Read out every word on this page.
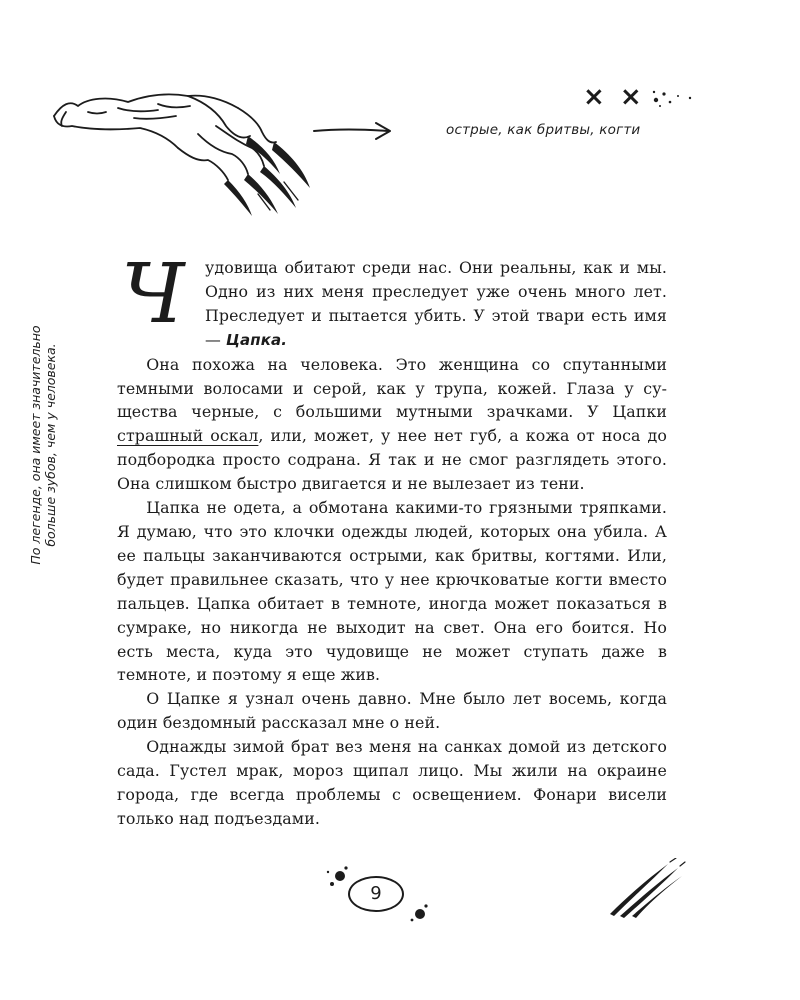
× ×
острые, как бритвы, когти
По легенде, она имеет значительно больше зубов, чем у человека.

Ч удовища обитают среди нас. Они реальны, как и мы. Одно из них меня преследует уже очень много лет. Преследует и пытается убить. У этой твари есть имя — Цапка.

Она похожа на человека. Это женщина со спутанными темными волосами и серой, как у трупа, кожей. Глаза у существа черные, с большими мутными зрачками. У Цапки страшный оскал, или, может, у нее нет губ, а кожа от носа до подбородка просто содрана. Я так и не смог разглядеть этого. Она слишком быстро двигается и не вылезает из тени.

Цапка не одета, а обмотана какими-то грязными тряпками. Я думаю, что это клочки одежды людей, которых она убила. А ее пальцы заканчиваются острыми, как бритвы, когтями. Или, будет правильнее сказать, что у нее крючковатые когти вместо пальцев. Цапка обитает в темноте, иногда может показаться в сумраке, но никогда не выходит на свет. Она его боится. Но есть места, куда это чудовище не может ступать даже в темноте, и поэтому я еще жив.

О Цапке я узнал очень давно. Мне было лет восемь, когда один бездомный рассказал мне о ней.

Однажды зимой брат вез меня на санках домой из детского сада. Густел мрак, мороз щипал лицо. Мы жили на окраине города, где всегда проблемы с освещением. Фонари висели только над подъездами.

9
